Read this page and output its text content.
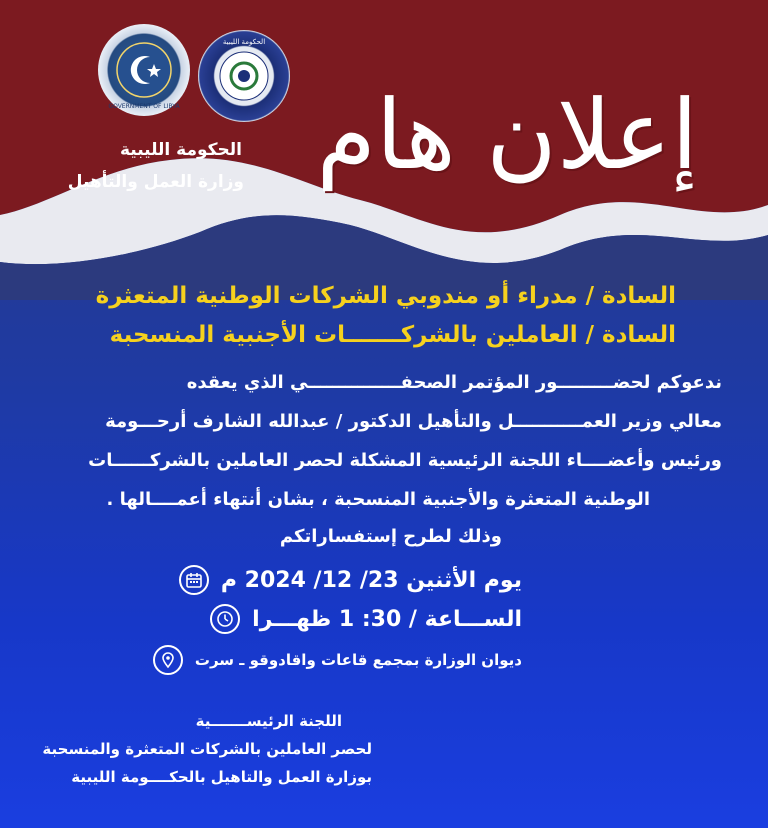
GOVERNMENT OF LIBYA
الحكومة الليبية
الحكومة الليبية
وزارة العمل والتأهيل إعلان هام
السادة / مدراء أو مندوبي الشركات الوطنية المتعثرة
السادة / العاملين بالشركـــــــات الأجنبية المنسحبة
ندعوكم لحضـــــــــور المؤتمر الصحفـــــــــــــــي الذي يعقده
معالي وزير العمـــــــــــل والتأهيل الدكتور / عبدالله الشارف أرحـــومة
ورئيس وأعضــــاء اللجنة الرئيسية المشكلة لحصر العاملين بالشركــــــات
الوطنية المتعثرة والأجنبية المنسحبة ، بشان أنتهاء أعمــــالها .
وذلك لطرح إستفساراتكم
يوم الأثنين 23/ 12/ 2024 م
الســـاعة / 30: 1 ظهـــرا
ديوان الوزارة بمجمع قاعات واقادوقو ـ سرت
اللجنة الرئيســـــــية
لحصر العاملين بالشركات المتعثرة والمنسحبة
بوزارة العمل والتاهيل بالحكــــومة الليبية
